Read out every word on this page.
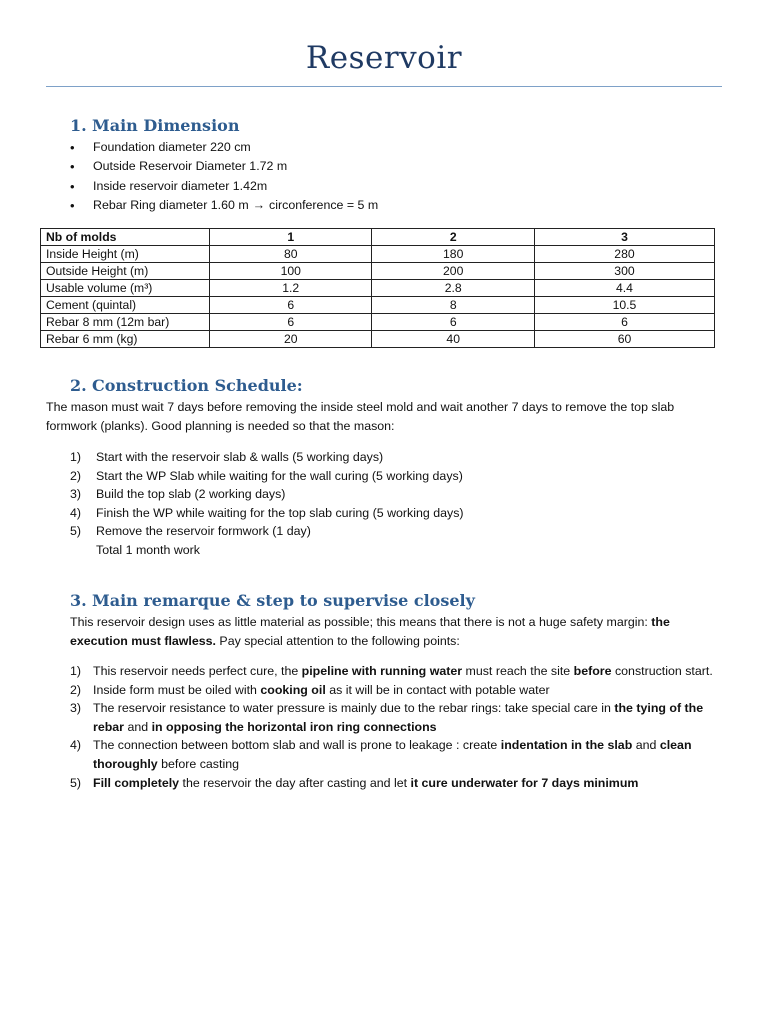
Reservoir
1. Main Dimension
• Foundation diameter 220 cm
• Outside Reservoir Diameter 1.72 m
• Inside reservoir diameter 1.42m
• Rebar Ring diameter 1.60 m → circonference = 5 m
Nb of molds	1	2	3
Inside Height (m)	80	180	280
Outside Height (m)	100	200	300
Usable volume (m³)	1.2	2.8	4.4
Cement (quintal)	6	8	10.5
Rebar 8 mm (12m bar)	6	6	6
Rebar 6 mm (kg)	20	40	60
2. Construction Schedule:
The mason must wait 7 days before removing the inside steel mold and wait another 7 days to remove the top slab
formwork (planks). Good planning is needed so that the mason:
1) Start with the reservoir slab & walls (5 working days)
2) Start the WP Slab while waiting for the wall curing (5 working days)
3) Build the top slab (2 working days)
4) Finish the WP while waiting for the top slab curing (5 working days)
5) Remove the reservoir formwork (1 day)
Total 1 month work
3. Main remarque & step to supervise closely
This reservoir design uses as little material as possible; this means that there is not a huge safety margin: the execution must flawless. Pay special attention to the following points:
1) This reservoir needs perfect cure, the pipeline with running water must reach the site before construction start.
2) Inside form must be oiled with cooking oil as it will be in contact with potable water
3) The reservoir resistance to water pressure is mainly due to the rebar rings: take special care in the tying of the rebar and in opposing the horizontal iron ring connections
4) The connection between bottom slab and wall is prone to leakage : create indentation in the slab and clean thoroughly before casting
5) Fill completely the reservoir the day after casting and let it cure underwater for 7 days minimum
